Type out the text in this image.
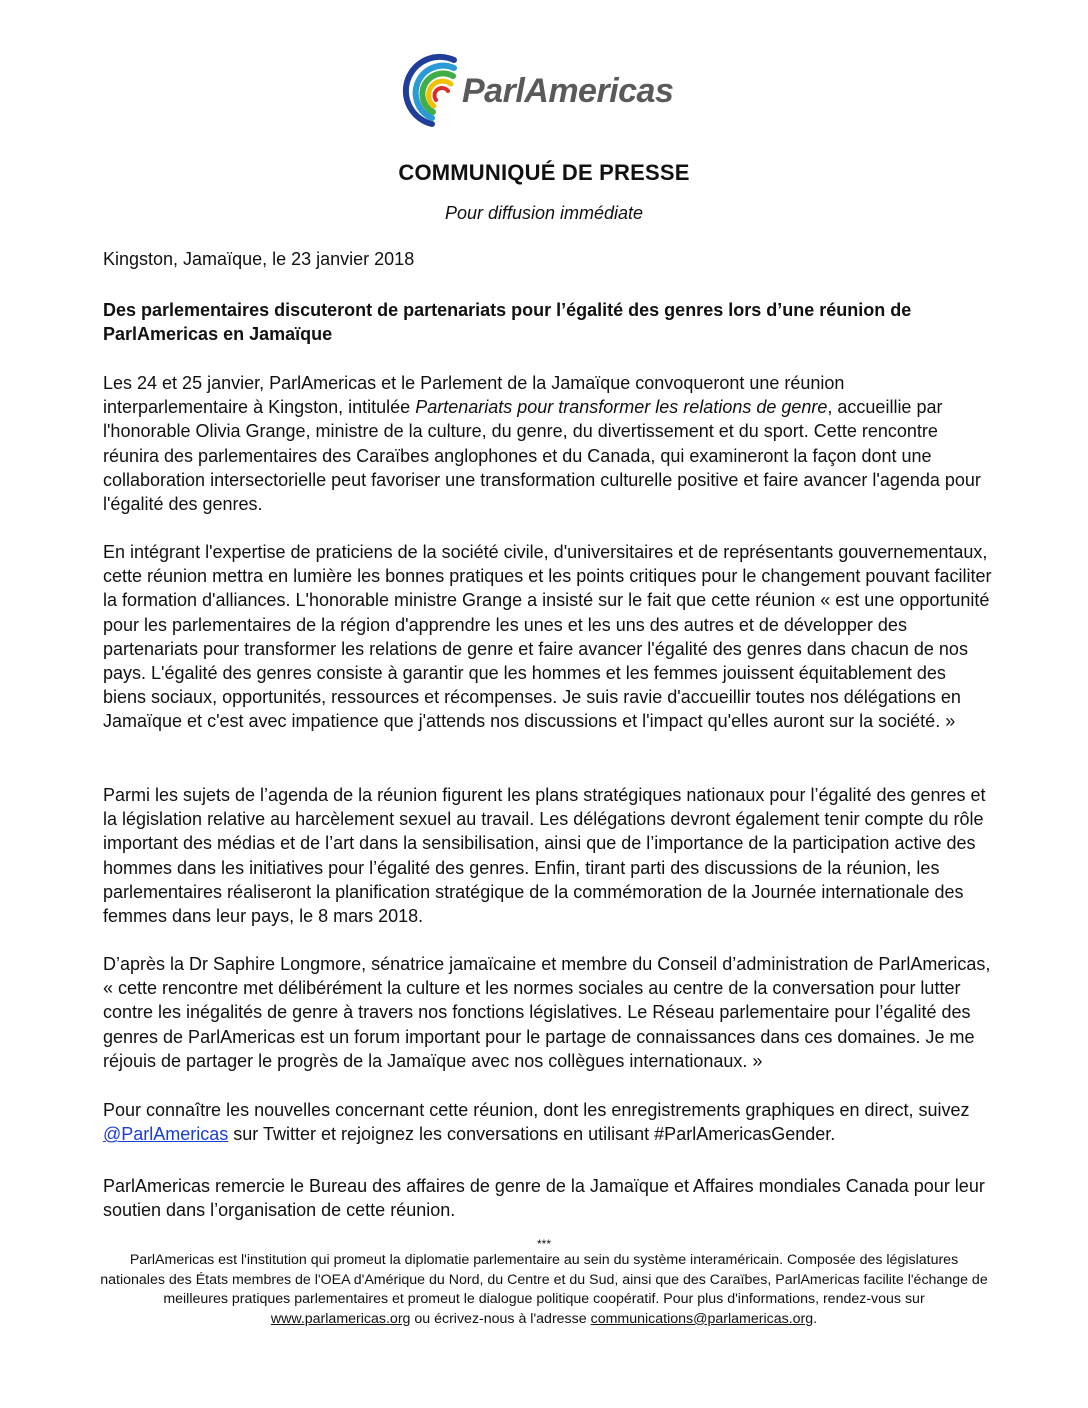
ParlAmericas
COMMUNIQUÉ DE PRESSE
Pour diffusion immédiate
Kingston, Jamaïque, le 23 janvier 2018
Des parlementaires discuteront de partenariats pour l’égalité des genres lors d’une réunion de ParlAmericas en Jamaïque
Les 24 et 25 janvier, ParlAmericas et le Parlement de la Jamaïque convoqueront une réunion interparlementaire à Kingston, intitulée Partenariats pour transformer les relations de genre, accueillie par l'honorable Olivia Grange, ministre de la culture, du genre, du divertissement et du sport. Cette rencontre réunira des parlementaires des Caraïbes anglophones et du Canada, qui examineront la façon dont une collaboration intersectorielle peut favoriser une transformation culturelle positive et faire avancer l'agenda pour l'égalité des genres.
En intégrant l'expertise de praticiens de la société civile, d'universitaires et de représentants gouvernementaux, cette réunion mettra en lumière les bonnes pratiques et les points critiques pour le changement pouvant faciliter la formation d'alliances. L'honorable ministre Grange a insisté sur le fait que cette réunion « est une opportunité pour les parlementaires de la région d'apprendre les unes et les uns des autres et de développer des partenariats pour transformer les relations de genre et faire avancer l'égalité des genres dans chacun de nos pays. L'égalité des genres consiste à garantir que les hommes et les femmes jouissent équitablement des biens sociaux, opportunités, ressources et récompenses. Je suis ravie d'accueillir toutes nos délégations en Jamaïque et c'est avec impatience que j'attends nos discussions et l'impact qu'elles auront sur la société. »
Parmi les sujets de l’agenda de la réunion figurent les plans stratégiques nationaux pour l’égalité des genres et la législation relative au harcèlement sexuel au travail. Les délégations devront également tenir compte du rôle important des médias et de l’art dans la sensibilisation, ainsi que de l’importance de la participation active des hommes dans les initiatives pour l’égalité des genres. Enfin, tirant parti des discussions de la réunion, les parlementaires réaliseront la planification stratégique de la commémoration de la Journée internationale des femmes dans leur pays, le 8 mars 2018.
D’après la Dr Saphire Longmore, sénatrice jamaïcaine et membre du Conseil d’administration de ParlAmericas, « cette rencontre met délibérément la culture et les normes sociales au centre de la conversation pour lutter contre les inégalités de genre à travers nos fonctions législatives. Le Réseau parlementaire pour l’égalité des genres de ParlAmericas est un forum important pour le partage de connaissances dans ces domaines. Je me réjouis de partager le progrès de la Jamaïque avec nos collègues internationaux. »
Pour connaître les nouvelles concernant cette réunion, dont les enregistrements graphiques en direct, suivez @ParlAmericas sur Twitter et rejoignez les conversations en utilisant #ParlAmericasGender.
ParlAmericas remercie le Bureau des affaires de genre de la Jamaïque et Affaires mondiales Canada pour leur soutien dans l’organisation de cette réunion.
***
ParlAmericas est l'institution qui promeut la diplomatie parlementaire au sein du système interaméricain. Composée des législatures nationales des États membres de l'OEA d'Amérique du Nord, du Centre et du Sud, ainsi que des Caraïbes, ParlAmericas facilite l'échange de meilleures pratiques parlementaires et promeut le dialogue politique coopératif. Pour plus d'informations, rendez-vous sur www.parlamericas.org ou écrivez-nous à l'adresse communications@parlamericas.org.
